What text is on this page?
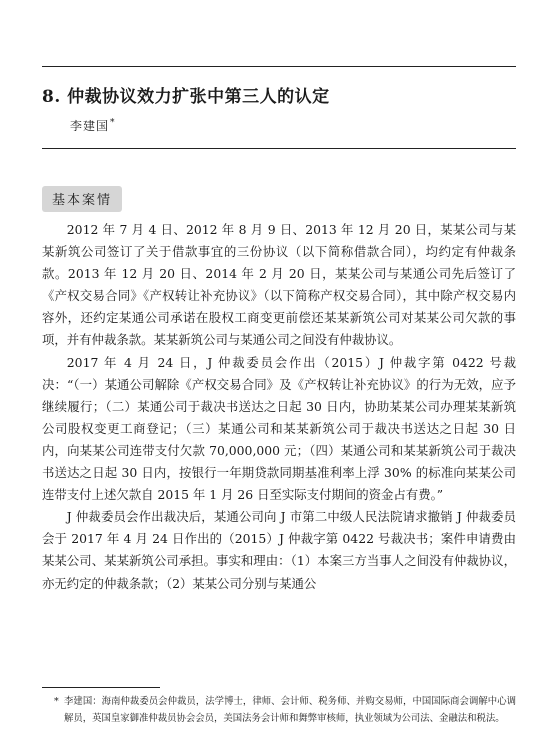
8. 仲裁协议效力扩张中第三人的认定
李建国*
基本案情

2012 年 7 月 4 日、2012 年 8 月 9 日、2013 年 12 月 20 日，某某公司与某某新筑公司签订了关于借款事宜的三份协议（以下简称借款合同），均约定有仲裁条款。2013 年 12 月 20 日、2014 年 2 月 20 日，某某公司与某通公司先后签订了《产权交易合同》《产权转让补充协议》（以下简称产权交易合同），其中除产权交易内容外，还约定某通公司承诺在股权工商变更前偿还某某新筑公司对某某公司欠款的事项，并有仲裁条款。某某新筑公司与某通公司之间没有仲裁协议。

2017 年 4 月 24 日，J 仲裁委员会作出（2015）J 仲裁字第 0422 号裁决：“（一）某通公司解除《产权交易合同》及《产权转让补充协议》的行为无效，应予继续履行；（二）某通公司于裁决书送达之日起 30 日内，协助某某公司办理某某新筑公司股权变更工商登记；（三）某通公司和某某新筑公司于裁决书送达之日起 30 日内，向某某公司连带支付欠款 70,000,000 元；（四）某通公司和某某新筑公司于裁决书送达之日起 30 日内，按银行一年期贷款同期基准利率上浮 30% 的标准向某某公司连带支付上述欠款自 2015 年 1 月 26 日至实际支付期间的资金占有费。”

J 仲裁委员会作出裁决后，某通公司向 J 市第二中级人民法院请求撤销 J 仲裁委员会于 2017 年 4 月 24 日作出的（2015）J 仲裁字第 0422 号裁决书；案件申请费由某某公司、某某新筑公司承担。事实和理由：（1）本案三方当事人之间没有仲裁协议，亦无约定的仲裁条款；（2）某某公司分别与某通公

* 李建国：海南仲裁委员会仲裁员，法学博士，律师、会计师、税务师、并购交易师，中国国际商会调解中心调解员，英国皇家御准仲裁员协会会员，美国法务会计师和舞弊审核师，执业领域为公司法、金融法和税法。
